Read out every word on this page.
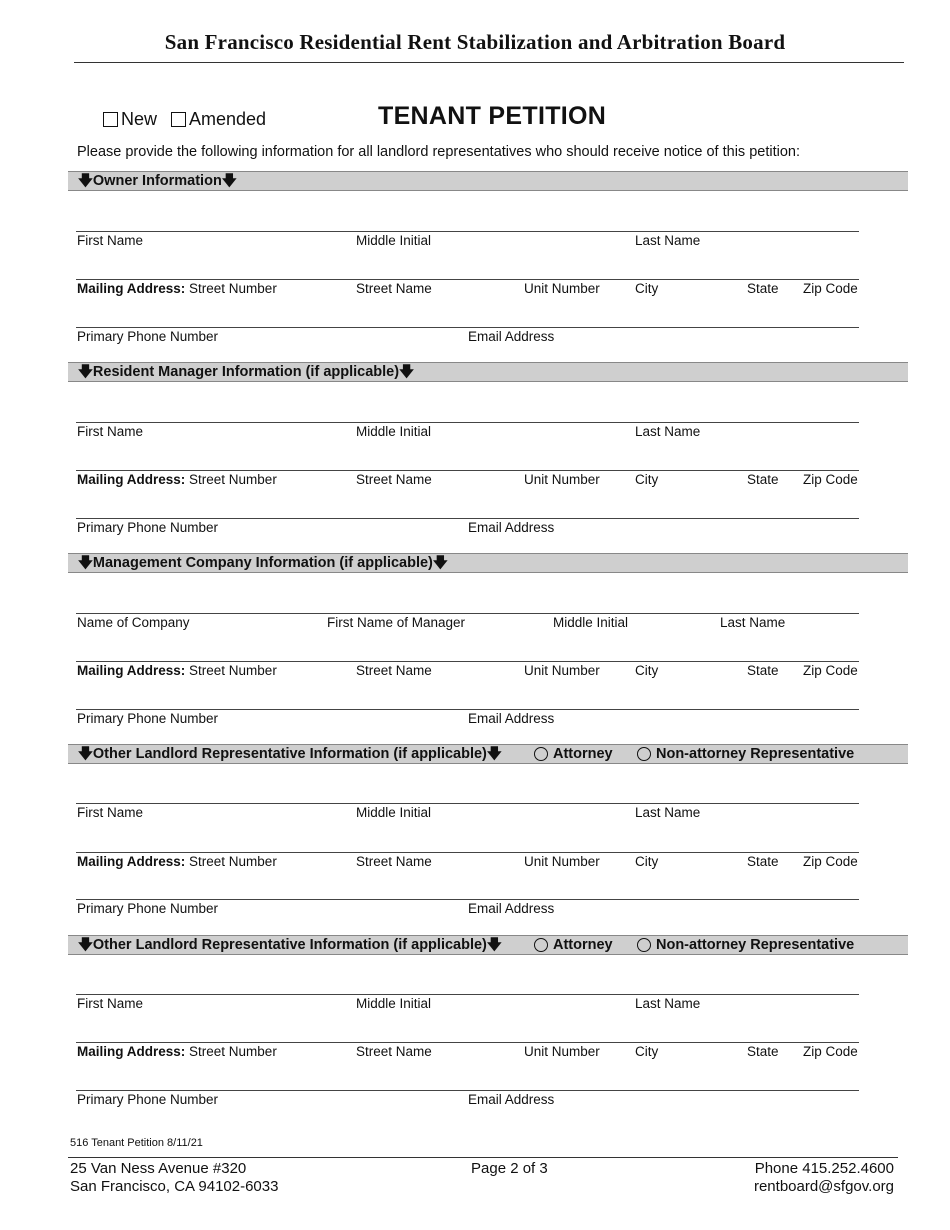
San Francisco Residential Rent Stabilization and Arbitration Board
New Amended	TENANT PETITION
Please provide the following information for all landlord representatives who should receive notice of this petition:
🡇Owner Information🡇
First Name	Middle Initial	Last Name
Mailing Address: Street Number	Street Name	Unit Number	City	State Zip Code
Primary Phone Number	Email Address
🡇Resident Manager Information (if applicable)🡇
First Name	Middle Initial	Last Name
Mailing Address: Street Number	Street Name	Unit Number	City	State Zip Code
Primary Phone Number	Email Address
🡇Management Company Information (if applicable)🡇
Name of Company	First Name of Manager	Middle Initial	Last Name
Mailing Address: Street Number	Street Name	Unit Number	City	State Zip Code
Primary Phone Number	Email Address
🡇Other Landlord Representative Information (if applicable)🡇	Attorney	Non-attorney Representative
First Name	Middle Initial	Last Name
Mailing Address: Street Number	Street Name	Unit Number	City	State Zip Code
Primary Phone Number	Email Address
🡇Other Landlord Representative Information (if applicable)🡇	Attorney	Non-attorney Representative
First Name	Middle Initial	Last Name
Mailing Address: Street Number	Street Name	Unit Number	City	State Zip Code
Primary Phone Number	Email Address
516 Tenant Petition 8/11/21
25 Van Ness Avenue #320
San Francisco, CA 94102-6033
Page 2 of 3	Phone 415.252.4600
rentboard@sfgov.org
